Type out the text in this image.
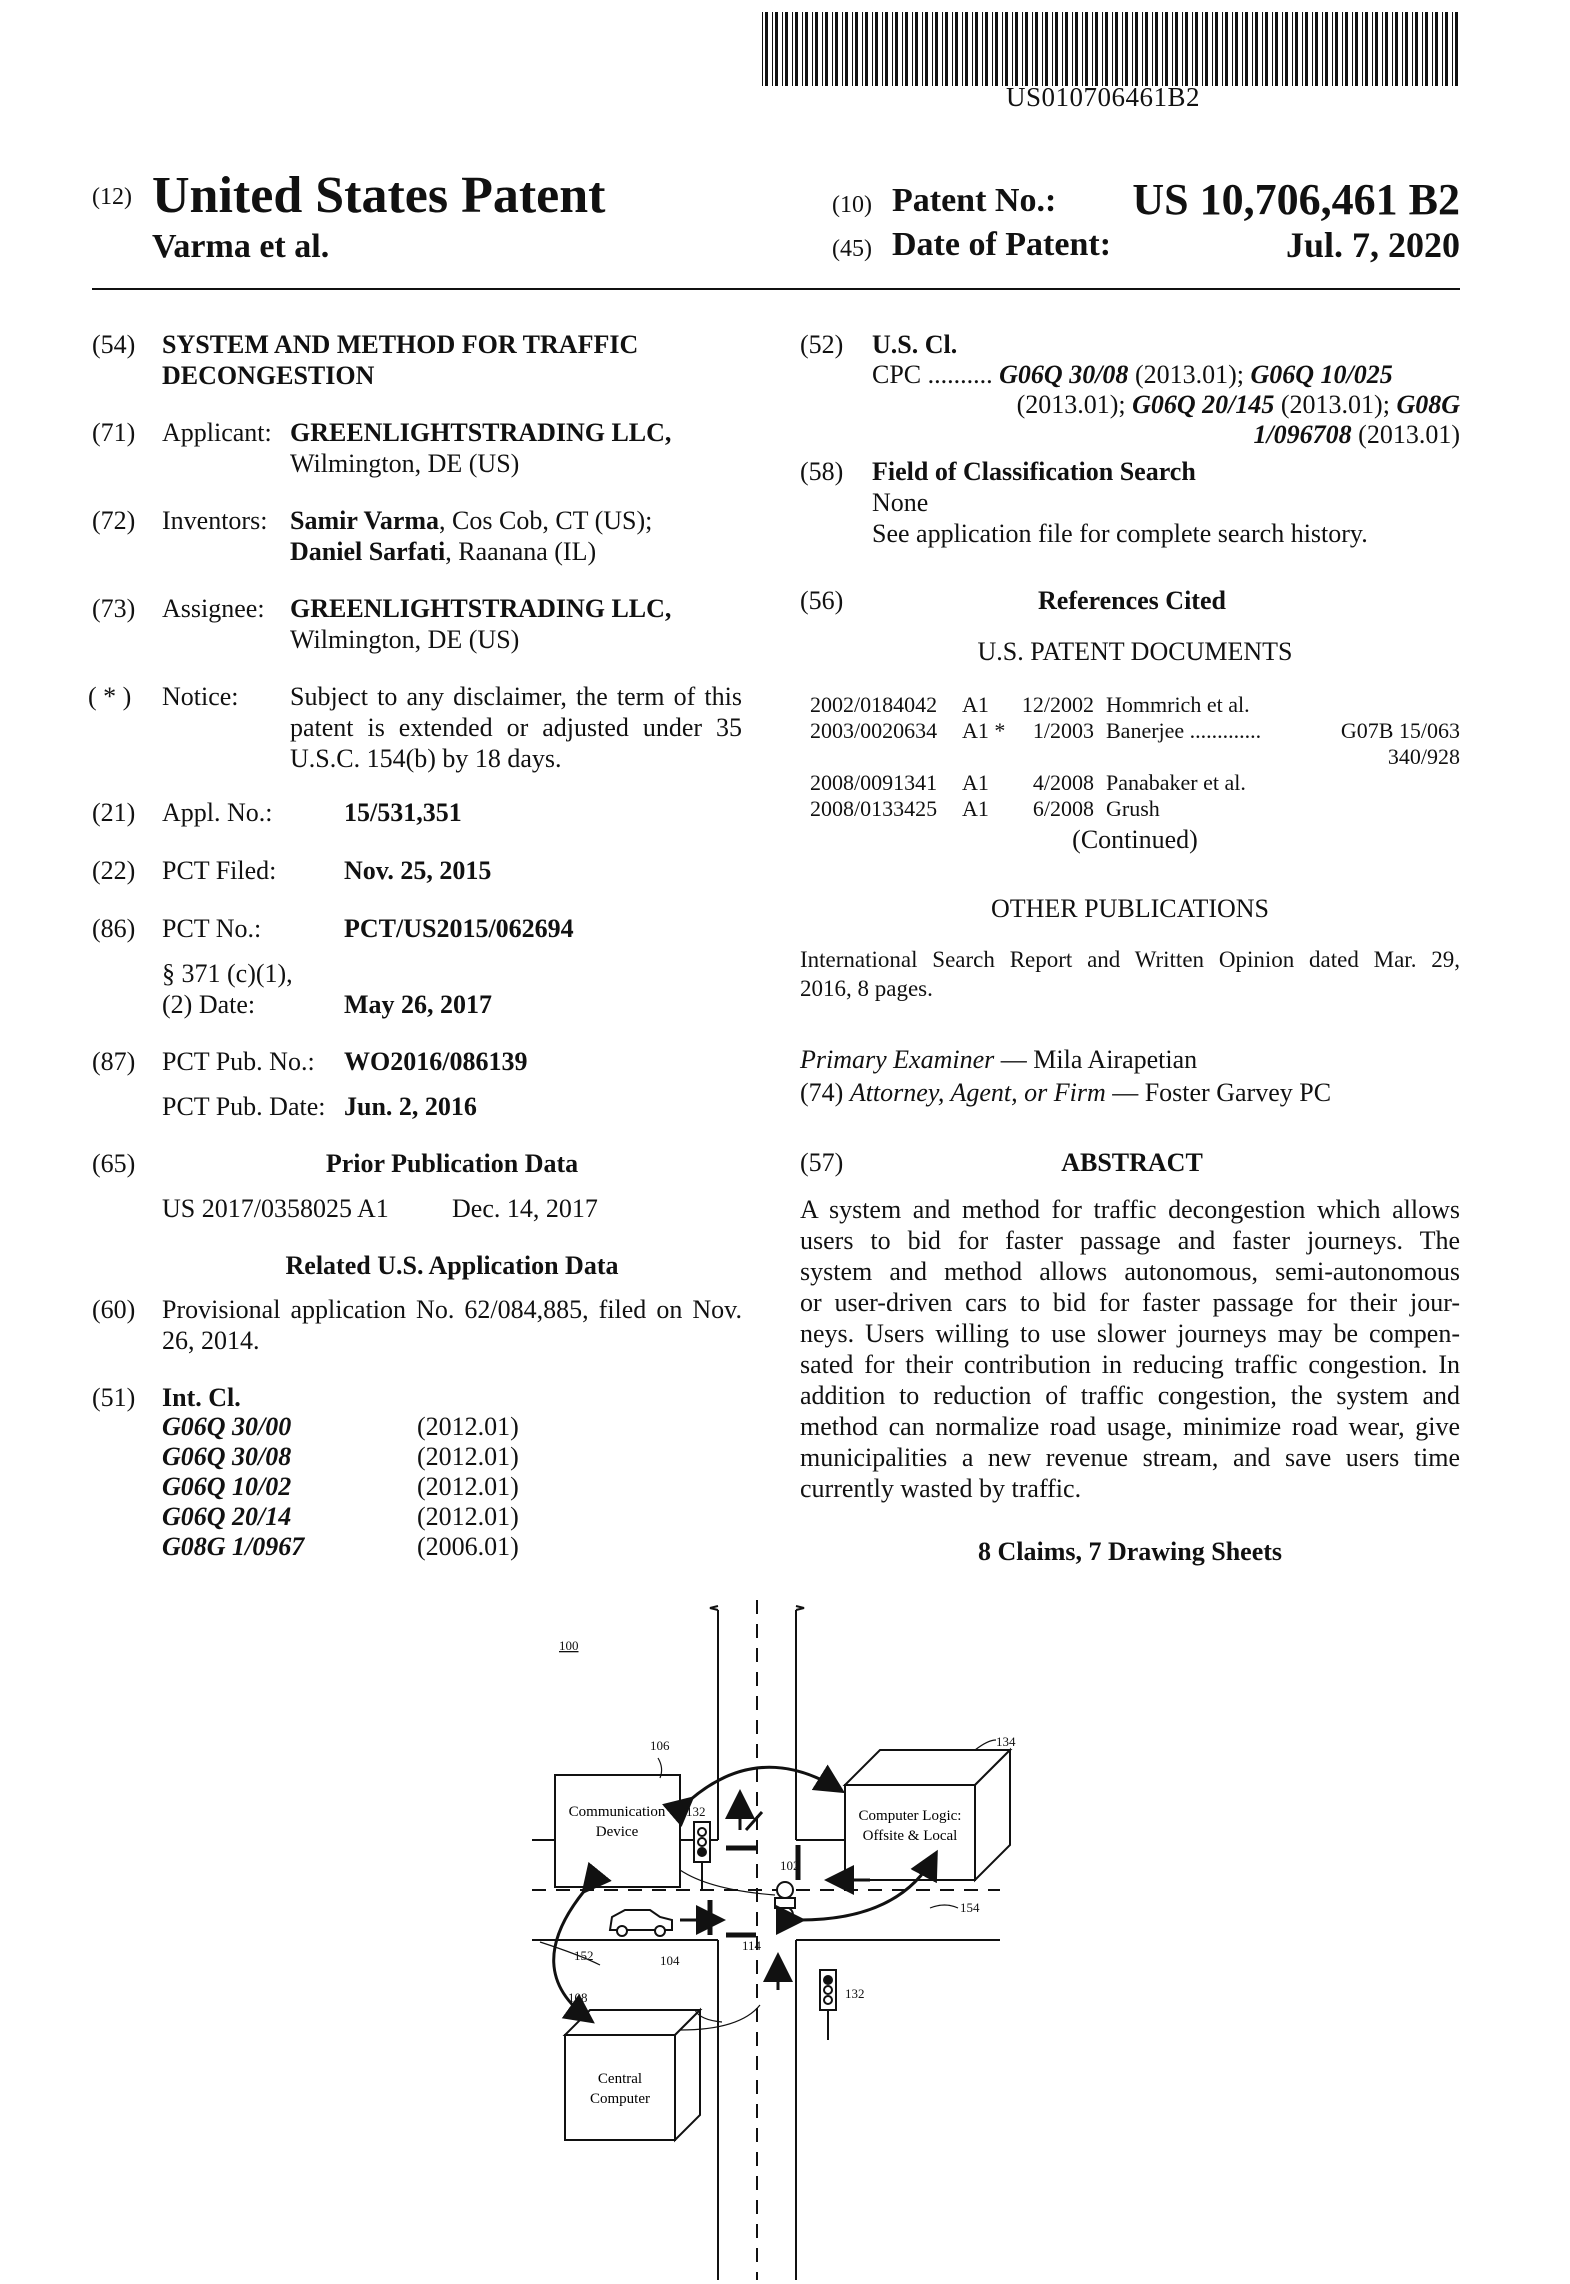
US010706461B2
(12) United States Patent
Varma et al.
(10) Patent No.: US 10,706,461 B2
(45) Date of Patent:	Jul. 7, 2020
(54) SYSTEM AND METHOD FOR TRAFFIC
DECONGESTION
(71) Applicant: GREENLIGHTSTRADING LLC,
Wilmington, DE (US)
(72) Inventors: Samir Varma, Cos Cob, CT (US);
Daniel Sarfati, Raanana (IL)
(73) Assignee: GREENLIGHTSTRADING LLC,
Wilmington, DE (US)
( * ) Notice: Subject to any disclaimer, the term of this
patent is extended or adjusted under 35
U.S.C. 154(b) by 18 days.
(21) Appl. No.:	15/531,351
(22) PCT Filed:	Nov. 25, 2015
(86) PCT No.:	PCT/US2015/062694
§ 371 (c)(1),
(2) Date:	May 26, 2017
(87) PCT Pub. No.: WO2016/086139
PCT Pub. Date: Jun. 2, 2016
(65)	Prior Publication Data
US 2017/0358025 A1 Dec. 14, 2017
Related U.S. Application Data
(60) Provisional application No. 62/084,885, filed on Nov.
26, 2014.
(51) Int. Cl.
G06Q 30/00	(2012.01)
G06Q 30/08	(2012.01)
G06Q 10/02	(2012.01)
G06Q 20/14	(2012.01)
G08G 1/0967	(2006.01)
(52) U.S. Cl.
CPC .......... G06Q 30/08 (2013.01); G06Q 10/025
(2013.01); G06Q 20/145 (2013.01); G08G
1/096708 (2013.01)
(58) Field of Classification Search
None
See application file for complete search history.
(56)	References Cited
U.S. PATENT DOCUMENTS
2002/0184042	A1	12/2002 Hommrich et al.
2003/0020634	A1 *	1/2003 Banerjee .............	G07B 15/063
340/928
2008/0091341	A1	4/2008 Panabaker et al.
2008/0133425	A1	6/2008 Grush
(Continued)
OTHER PUBLICATIONS
International Search Report and Written Opinion dated Mar. 29,
2016, 8 pages.
Primary Examiner — Mila Airapetian
(74) Attorney, Agent, or Firm — Foster Garvey PC
(57)	ABSTRACT
A system and method for traffic decongestion which allows
users to bid for faster passage and faster journeys. The
system and method allows autonomous, semi-autonomous
or user-driven cars to bid for faster passage for their jour-
neys. Users willing to use slower journeys may be compen-
sated for their contribution in reducing traffic congestion. In
addition to reduction of traffic congestion, the system and
method can normalize road usage, minimize road wear, give
municipalities a new revenue stream, and save users time
currently wasted by traffic.
8 Claims, 7 Drawing Sheets
Communication
Device
Computer Logic:
Offsite & Local
Central
Computer
100
106
132
134
102
154
114
152	104
108	132
